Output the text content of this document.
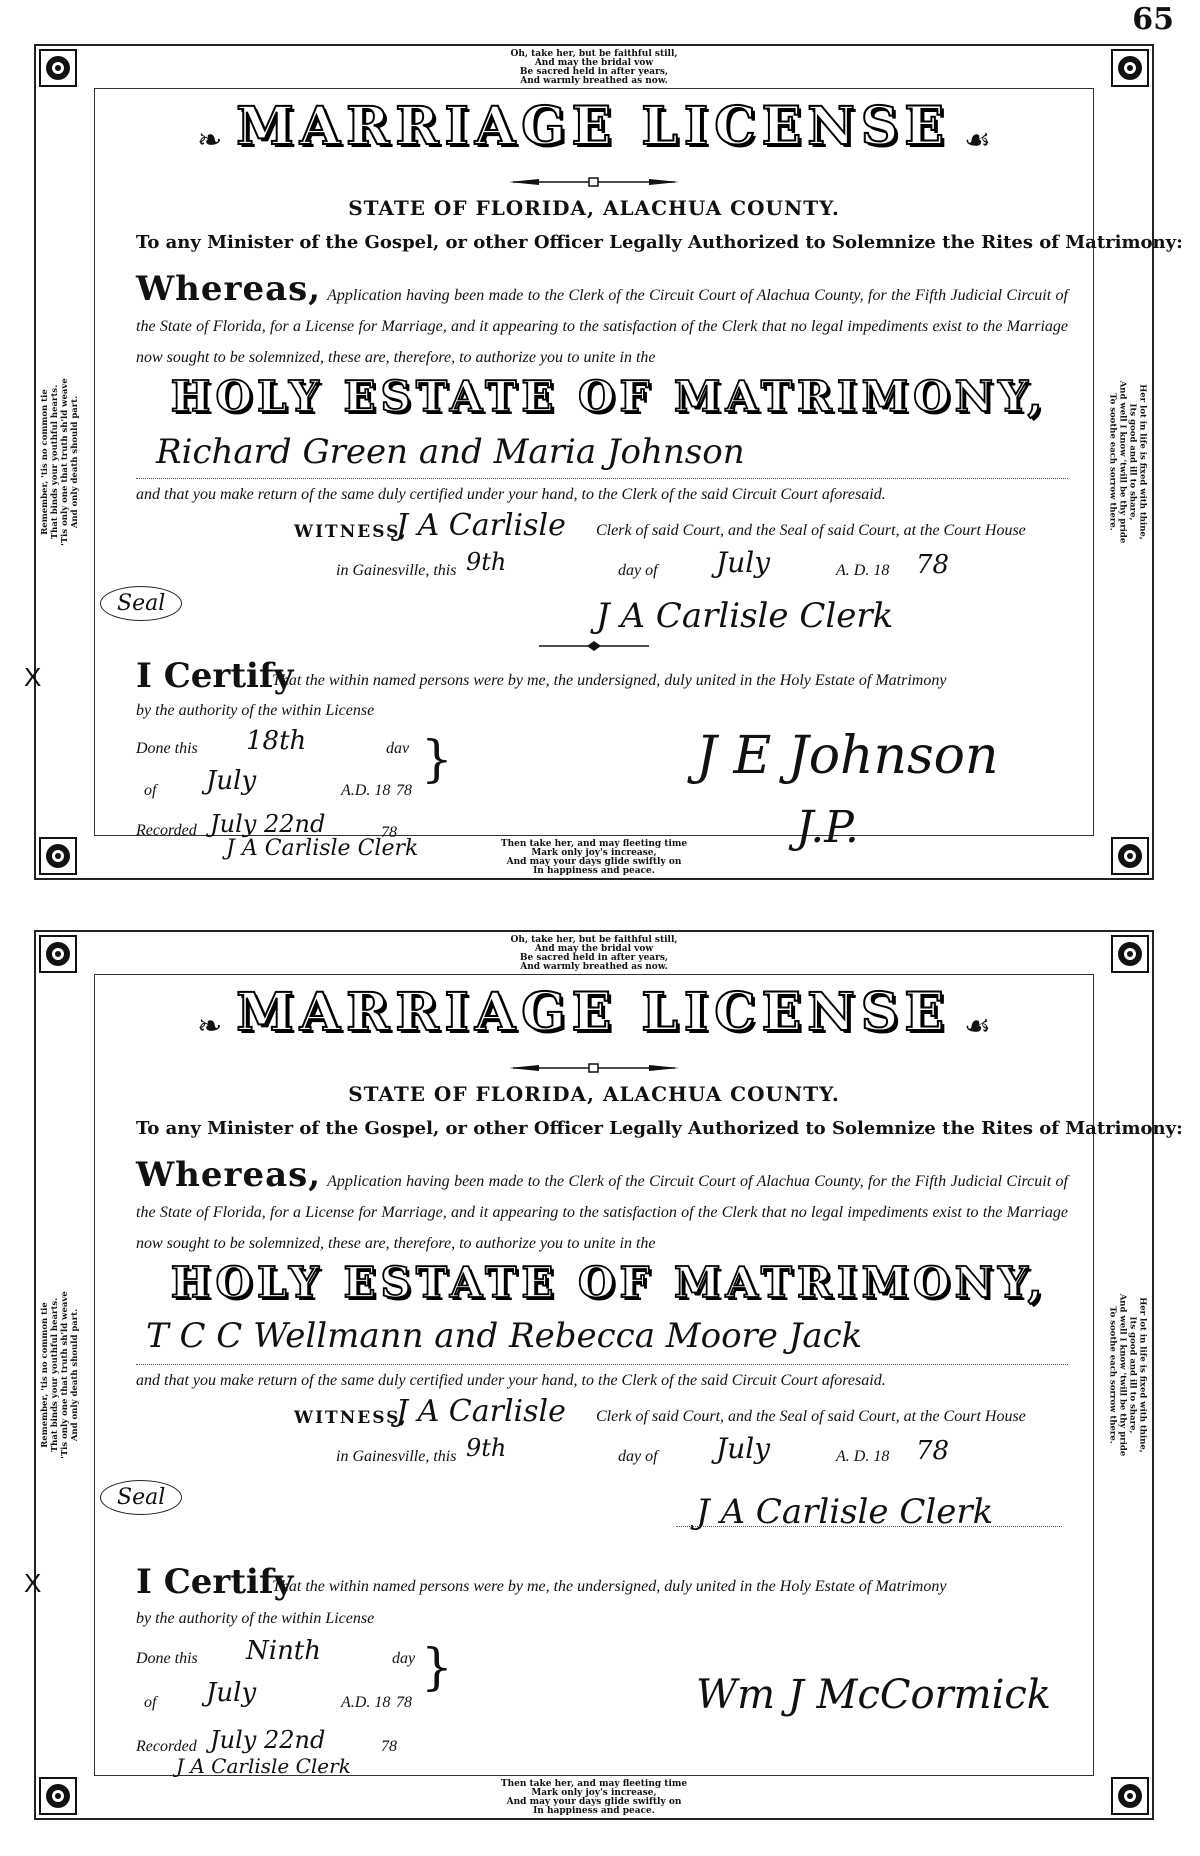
65
Oh, take her, but be faithful still,
And may the bridal vow
Be sacred held in after years,
And warmly breathed as now.
Remember, 'tis no common tie That binds your youthful hearts. 'Tis only one that truth sh'ld weave And only death should part.	Her lot in life is fixed with thine,
Its good and ill to share,
And well I know 'twill be thy pride
To soothe each sorrow there.
❧ MARRIAGE LICENSE ☙
STATE OF FLORIDA, ALACHUA COUNTY.
To any Minister of the Gospel, or other Officer Legally Authorized to Solemnize the Rites of Matrimony:
Whereas, Application having been made to the Clerk of the Circuit Court of Alachua County, for the Fifth Judicial Circuit of the State of Florida, for a License for Marriage, and it appearing to the satisfaction of the Clerk that no legal impediments exist to the Marriage now sought to be solemnized, these are, therefore, to authorize you to unite in the
HOLY ESTATE OF MATRIMONY,
Richard Green and Maria Johnson
and that you make return of the same duly certified under your hand, to the Clerk of the said Circuit Court aforesaid.
WITNESS,
J A Carlisle Clerk of said Court, and the Seal of said Court, at the Court House
in Gainesville, this 9th	day of July	A. D. 18 78
Seal	J A Carlisle Clerk
X	I Certify
That the within named persons were by me, the undersigned, duly united in the Holy Estate of Matrimony
by the authority of the within License
Done this 18th	dav
of July	A.D. 18 78
}
Recorded July 22nd	78
J A Carlisle Clerk
J E Johnson
J.P.
Then take her, and may fleeting time
Mark only joy's increase,
And may your days glide swiftly on
In happiness and peace.
Oh, take her, but be faithful still,
And may the bridal vow
Be sacred held in after years,
And warmly breathed as now.
Remember, 'tis no common tie That binds your youthful hearts. 'Tis only one that truth sh'ld weave And only death should part.	Her lot in life is fixed with thine,
Its good and ill to share,
And well I know 'twill be thy pride
To soothe each sorrow there.
❧ MARRIAGE LICENSE ☙
STATE OF FLORIDA, ALACHUA COUNTY.
To any Minister of the Gospel, or other Officer Legally Authorized to Solemnize the Rites of Matrimony:
Whereas, Application having been made to the Clerk of the Circuit Court of Alachua County, for the Fifth Judicial Circuit of the State of Florida, for a License for Marriage, and it appearing to the satisfaction of the Clerk that no legal impediments exist to the Marriage now sought to be solemnized, these are, therefore, to authorize you to unite in the
HOLY ESTATE OF MATRIMONY,
T C C Wellmann and Rebecca Moore Jack
and that you make return of the same duly certified under your hand, to the Clerk of the said Circuit Court aforesaid.
WITNESS,
J A Carlisle Clerk of said Court, and the Seal of said Court, at the Court House
in Gainesville, this 9th	day of July	A. D. 18 78
Seal	J A Carlisle Clerk
X	I Certify
That the within named persons were by me, the undersigned, duly united in the Holy Estate of Matrimony
by the authority of the within License
Done this Ninth	day
of July	A.D. 18 78
}
Recorded July 22nd	78
J A Carlisle Clerk
Wm J McCormick
Then take her, and may fleeting time
Mark only joy's increase,
And may your days glide swiftly on
In happiness and peace.
